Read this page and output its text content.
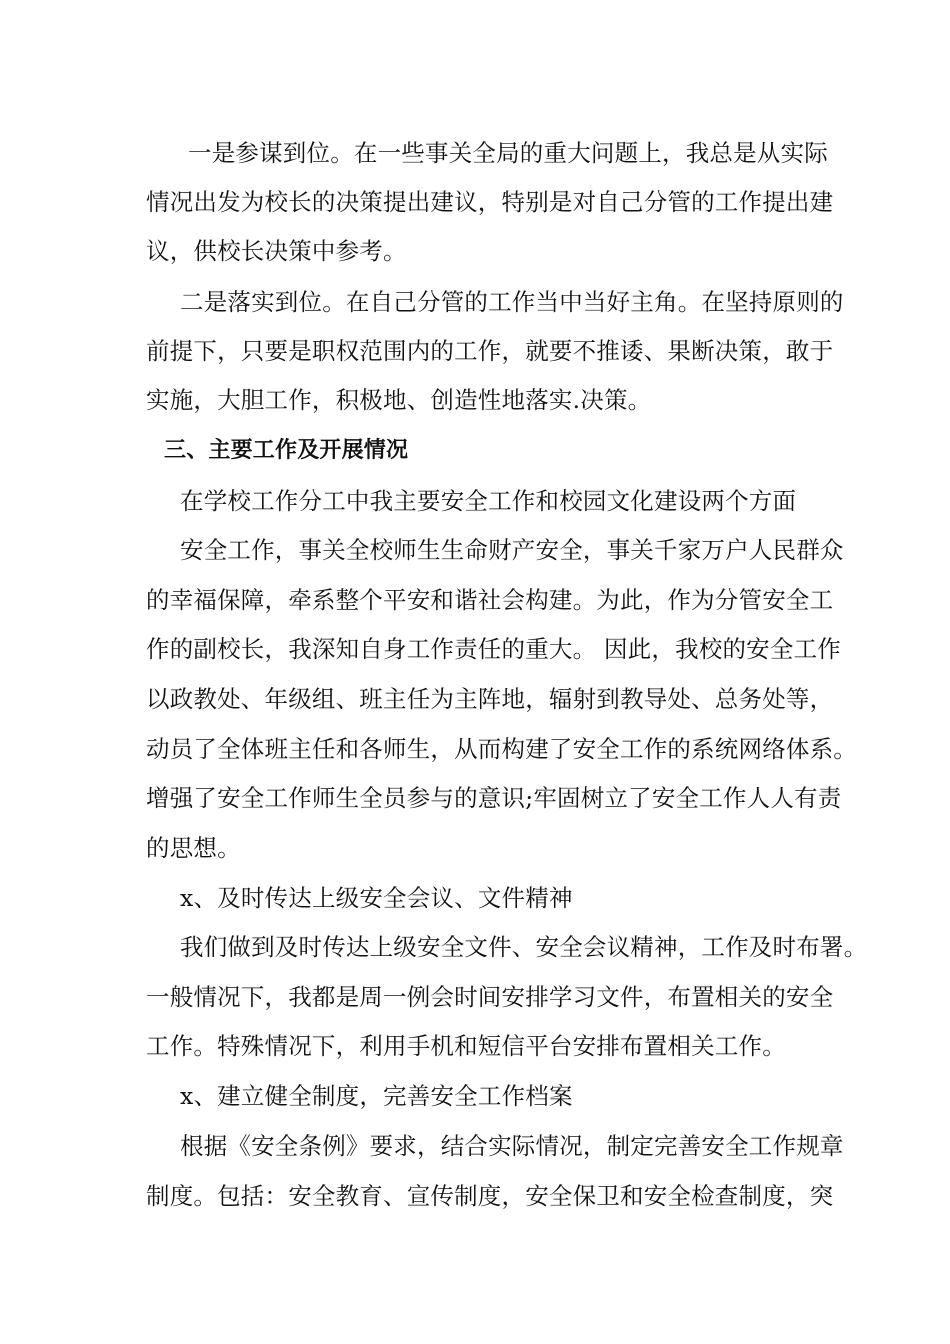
一是参谋到位。在一些事关全局的重大问题上，我总是从实际
情况出发为校长的决策提出建议，特别是对自己分管的工作提出建
议，供校长决策中参考。
二是落实到位。在自己分管的工作当中当好主角。在坚持原则的
前提下，只要是职权范围内的工作，就要不推诿、果断决策，敢于
实施，大胆工作，积极地、创造性地落实.决策。
三、主要工作及开展情况
在学校工作分工中我主要安全工作和校园文化建设两个方面
安全工作，事关全校师生生命财产安全，事关千家万户人民群众
的幸福保障，牵系整个平安和谐社会构建。为此，作为分管安全工
作的副校长，我深知自身工作责任的重大。 因此，我校的安全工作
以政教处、年级组、班主任为主阵地，辐射到教导处、总务处等，
动员了全体班主任和各师生，从而构建了安全工作的系统网络体系。
增强了安全工作师生全员参与的意识;牢固树立了安全工作人人有责
的思想。
x、及时传达上级安全会议、文件精神
我们做到及时传达上级安全文件、安全会议精神，工作及时布署。
一般情况下，我都是周一例会时间安排学习文件，布置相关的安全
工作。特殊情况下，利用手机和短信平台安排布置相关工作。
x、建立健全制度，完善安全工作档案
根据《安全条例》要求，结合实际情况，制定完善安全工作规章
制度。包括：安全教育、宣传制度，安全保卫和安全检查制度，突
